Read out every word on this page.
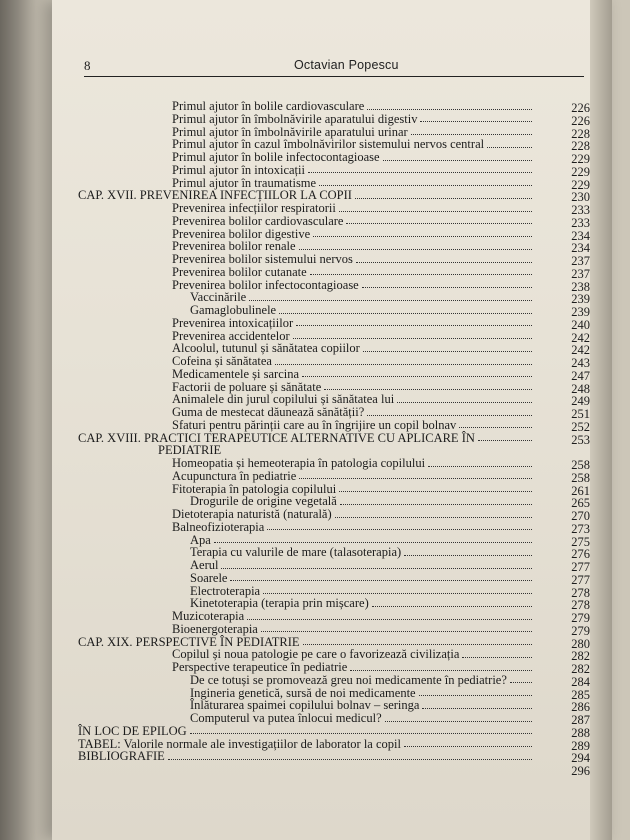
8	Octavian Popescu
Primul ajutor în bolile cardiovasculare	226
Primul ajutor în îmbolnăvirile aparatului digestiv	226
Primul ajutor în îmbolnăvirile aparatului urinar	228
Primul ajutor în cazul îmbolnăvirilor sistemului nervos central	228
Primul ajutor în bolile infectocontagioase	229
Primul ajutor în intoxicații	229
Primul ajutor în traumatisme	229
CAP. XVII. PREVENIREA INFECȚIILOR LA COPII	230
Prevenirea infecțiilor respiratorii	233
Prevenirea bolilor cardiovasculare	233
Prevenirea bolilor digestive	234
Prevenirea bolilor renale	234
Prevenirea bolilor sistemului nervos	237
Prevenirea bolilor cutanate	237
Prevenirea bolilor infectocontagioase	238
Vaccinările	239
Gamaglobulinele	239
Prevenirea intoxicațiilor	240
Prevenirea accidentelor	242
Alcoolul, tutunul și sănătatea copiilor	242
Cofeina și sănătatea	243
Medicamentele și sarcina	247
Factorii de poluare și sănătate	248
Animalele din jurul copilului și sănătatea lui	249
Guma de mestecat dăunează sănătății?	251
Sfaturi pentru părinții care au în îngrijire un copil bolnav	252
CAP. XVIII. PRACTICI TERAPEUTICE ALTERNATIVE CU APLICARE ÎN	253
PEDIATRIE
Homeopatia și hemeoterapia în patologia copilului	258
Acupunctura în pediatrie	258
Fitoterapia în patologia copilului	261
Drogurile de origine vegetală	265
Dietoterapia naturistă (naturală)	270
Balneofizioterapia	273
Apa	275
Terapia cu valurile de mare (talasoterapia)	276
Aerul	277
Soarele	277
Electroterapia	278
Kinetoterapia (terapia prin mișcare)	278
Muzicoterapia	279
Bioenergoterapia	279
CAP. XIX. PERSPECTIVE ÎN PEDIATRIE	280
Copilul și noua patologie pe care o favorizează civilizația	282
Perspective terapeutice în pediatrie	282
De ce totuși se promovează greu noi medicamente în pediatrie?	284
Ingineria genetică, sursă de noi medicamente	285
Înlăturarea spaimei copilului bolnav – seringa	286
Computerul va putea înlocui medicul?	287
ÎN LOC DE EPILOG	288
TABEL: Valorile normale ale investigațiilor de laborator la copil	289
BIBLIOGRAFIE	294
296
